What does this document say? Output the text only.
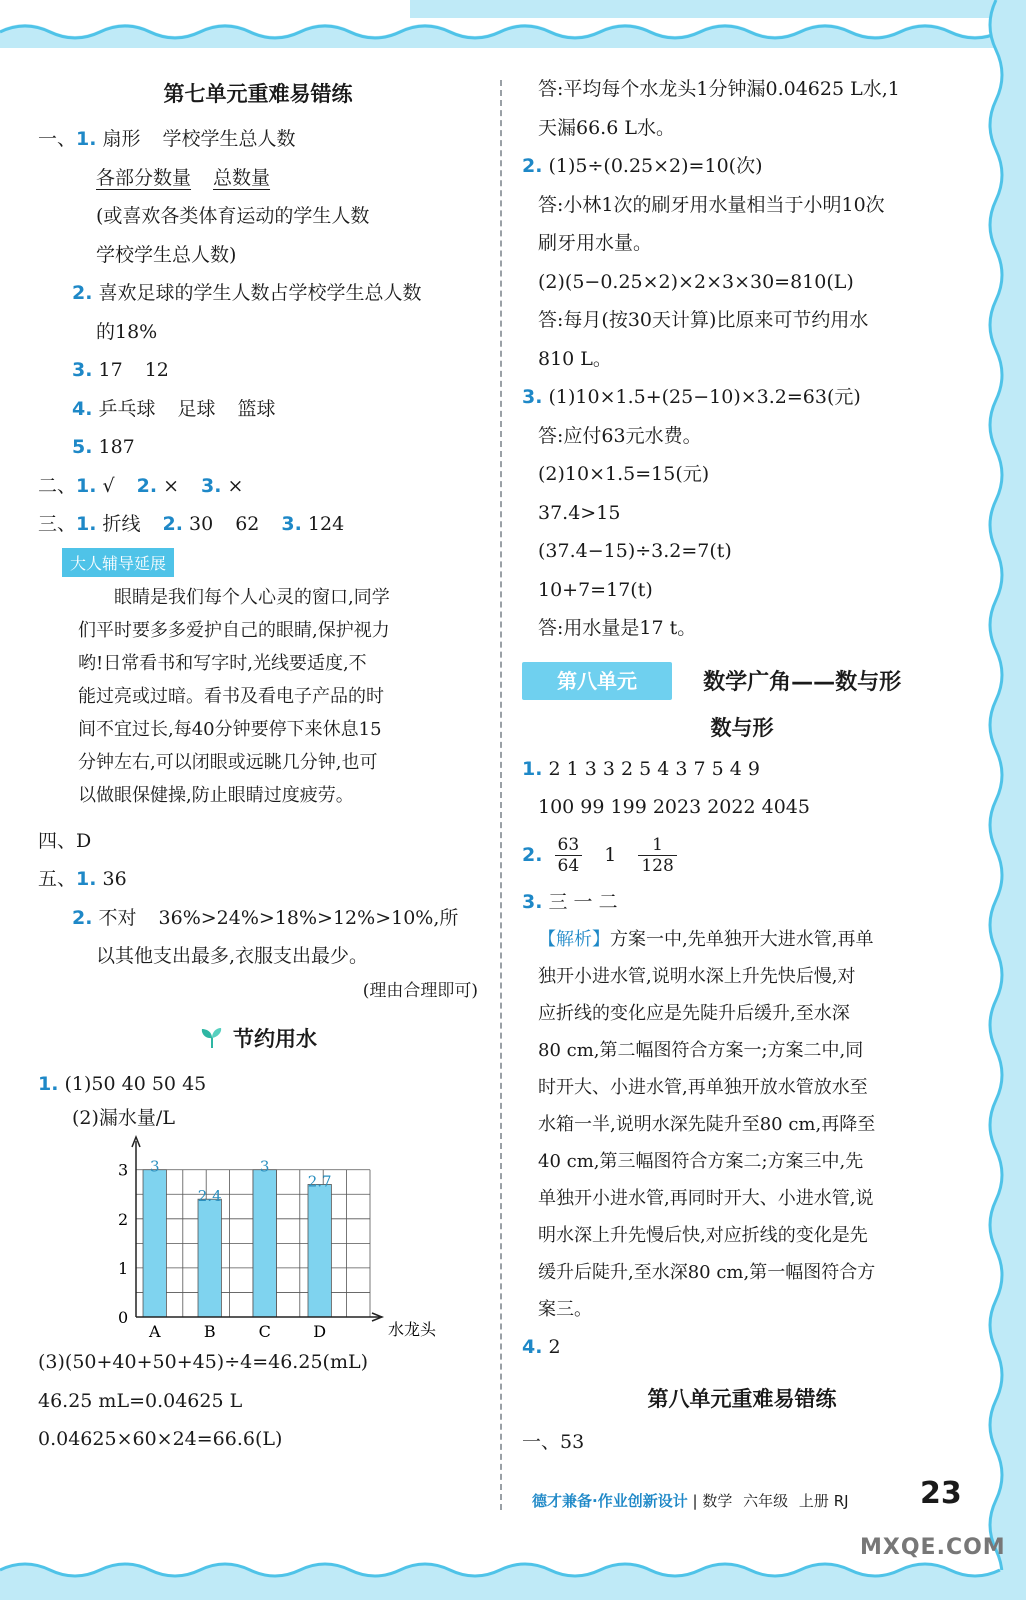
第七单元重难易错练
一、1. 扇形 学校学生总人数
各部分数量 总数量
(或喜欢各类体育运动的学生人数
学校学生总人数)
2. 喜欢足球的学生人数占学校学生总人数
的18%
3. 17 12
4. 乒乓球 足球 篮球
5. 187
二、1. √ 2. × 3. ×
三、1. 折线 2. 30 62 3. 124
大人辅导延展
眼睛是我们每个人心灵的窗口,同学
们平时要多多爱护自己的眼睛,保护视力
哟!日常看书和写字时,光线要适度,不
能过亮或过暗。看书及看电子产品的时
间不宜过长,每40分钟要停下来休息15
分钟左右,可以闭眼或远眺几分钟,也可
以做眼保健操,防止眼睛过度疲劳。
四、D
五、1. 36
2. 不对 36%>24%>18%>12%>10%,所
以其他支出最多,衣服支出最少。
(理由合理即可)
节约用水
1. (1)50 40 50 45
(2)漏水量/L
0
1
2
3 3
A
2.4
B
3
C
2.7
D	水龙头
(3)(50+40+50+45)÷4=46.25(mL)
46.25 mL=0.04625 L
0.04625×60×24=66.6(L)
答:平均每个水龙头1分钟漏0.04625 L水,1
天漏66.6 L水。
2. (1)5÷(0.25×2)=10(次)
答:小林1次的刷牙用水量相当于小明10次
刷牙用水量。
(2)(5−0.25×2)×2×3×30=810(L)
答:每月(按30天计算)比原来可节约用水
810 L。
3. (1)10×1.5+(25−10)×3.2=63(元)
答:应付63元水费。
(2)10×1.5=15(元)
37.4>15
(37.4−15)÷3.2=7(t)
10+7=17(t)
答:用水量是17 t。
第八单元	数学广角——数与形
数与形
1. 2 1 3 3 2 5 4 3 7 5 4 9
100 99 199 2023 2022 4045
2. $\frac{63}{64} 1 \frac{1}{128}$
3. 三 一 二
【解析】方案一中,先单独开大进水管,再单
独开小进水管,说明水深上升先快后慢,对
应折线的变化应是先陡升后缓升,至水深
80 cm,第二幅图符合方案一;方案二中,同
时开大、小进水管,再单独开放水管放水至
水箱一半,说明水深先陡升至80 cm,再降至
40 cm,第三幅图符合方案二;方案三中,先
单独开小进水管,再同时开大、小进水管,说
明水深上升先慢后快,对应折线的变化是先
缓升后陡升,至水深80 cm,第一幅图符合方
案三。
4. 2
第八单元重难易错练
一、53
德才兼备·作业创新设计 | 数学 六年级 上册 RJ 23
MXQE.COM
